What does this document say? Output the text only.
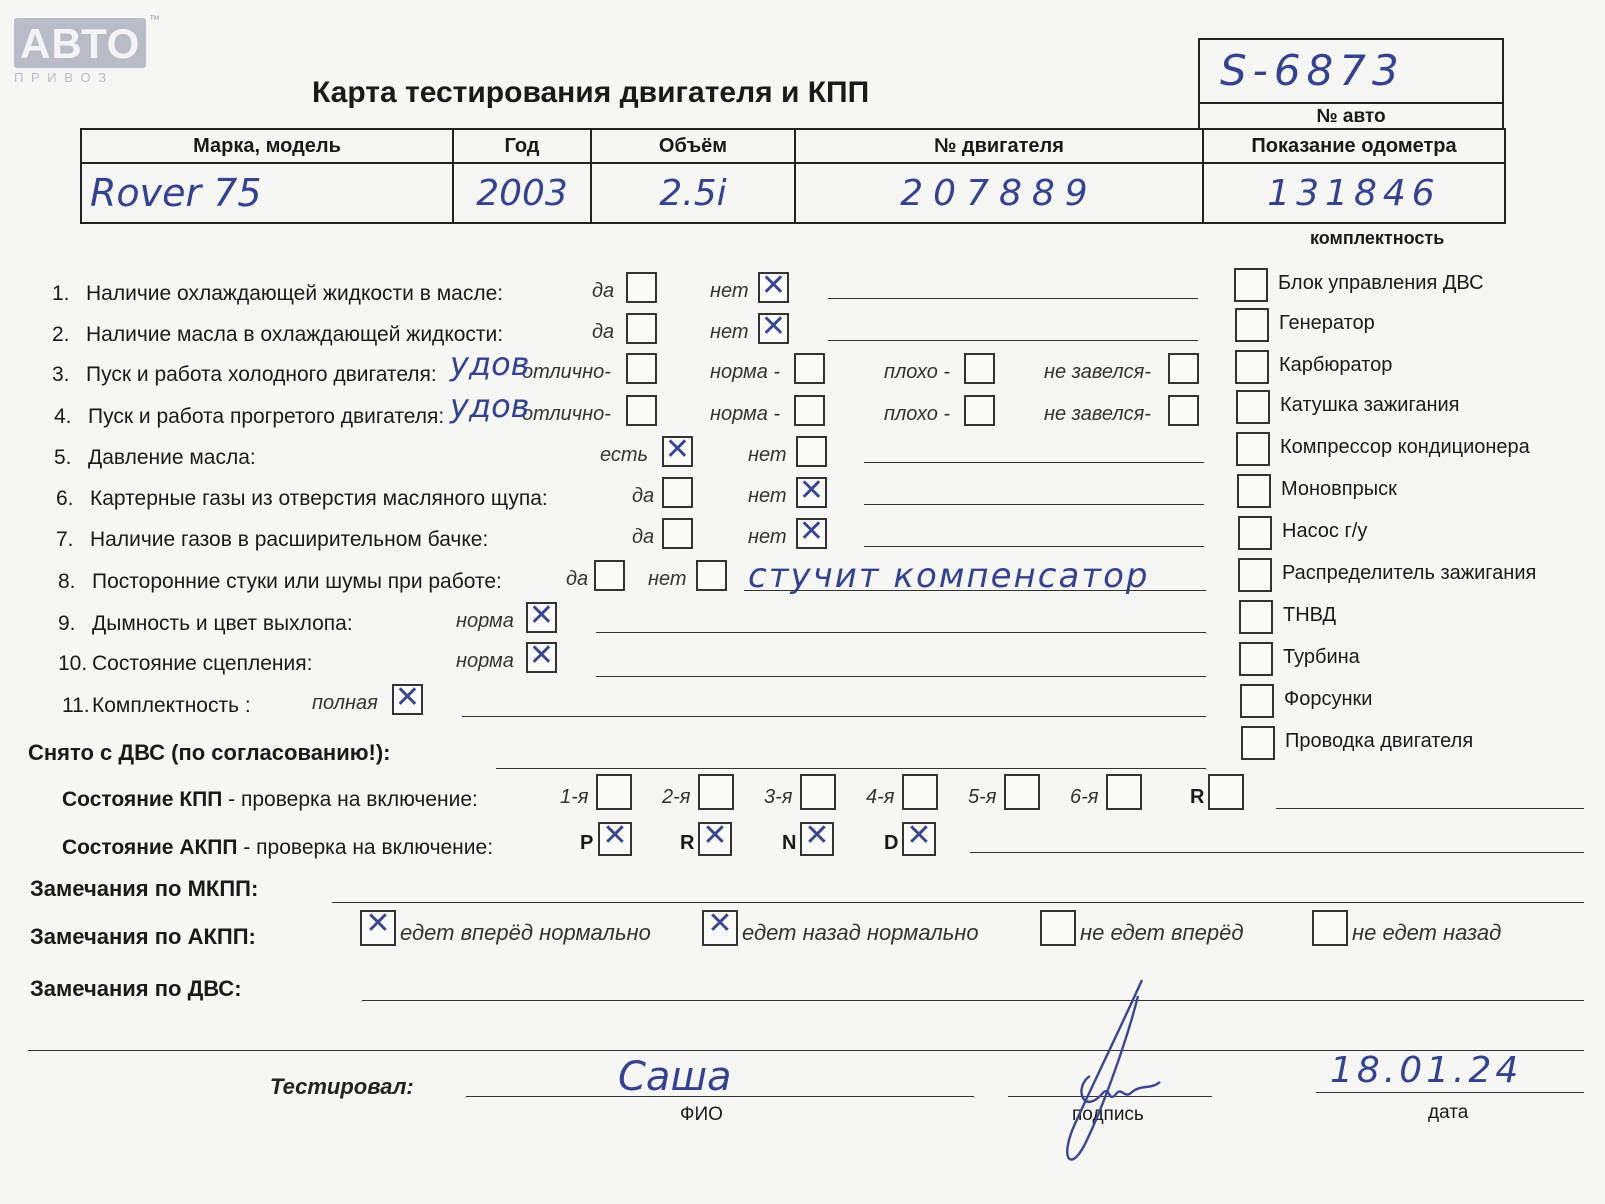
АВТО ™
П Р И В О З	Карта тестирования двигателя и КПП	S-6873
№ авто
Марка, модель	Год	Объём	№ двигателя	Показание одометра
Rover 75	2003	2.5i	207889	131846
комплектность
Блок управления ДВС
Генератор
Карбюратор
Катушка зажигания
Компрессор кондиционера
Моновпрыск
Насос г/у
Распределитель зажигания
ТНВД
Турбина
Форсунки
Проводка двигателя
1. Наличие охлаждающей жидкости в масле:	да	нет ✕
2. Наличие масла в охлаждающей жидкости:	да	нет ✕
3. Пуск и работа холодного двигателя:	отлично-	норма -	плохо -	не завелся-
удов
4. Пуск и работа прогретого двигателя:	отлично-	норма -	плохо -	не завелся-
удов
5. Давление масла:	есть ✕	нет
6. Картерные газы из отверстия масляного щупа:	да	нет ✕
7. Наличие газов в расширительном бачке:	да	нет ✕
8. Посторонние стуки или шумы при работе:	да	нет стучит компенсатор
9. Дымность и цвет выхлопа:	норма ✕
10. Состояние сцепления:	норма ✕
11. Комплектность :	полная ✕
Снято с ДВС (по согласованию!):
Состояние КПП - проверка на включение:	1-я	2-я	3-я	4-я	5-я	6-я	R
Состояние АКПП - проверка на включение:	P ✕	R ✕	N ✕	D ✕
Замечания по МКПП:
Замечания по АКПП:	✕ едет вперёд нормально ✕ едет назад нормально	не едет вперёд	не едет назад
Замечания по ДВС:
Тестировал:	Саша
ФИО	подпись
18.01.24
дата
